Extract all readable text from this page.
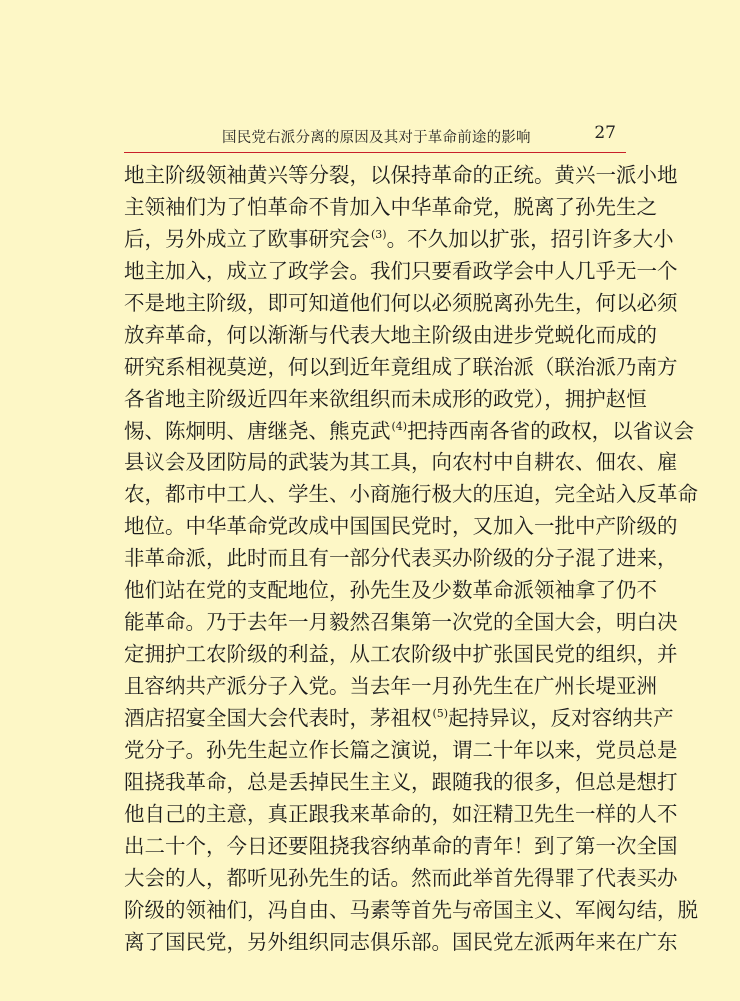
国民党右派分离的原因及其对于革命前途的影响	27
地主阶级领袖黄兴等分裂，以保持革命的正统。黄兴一派小地
主领袖们为了怕革命不肯加入中华革命党，脱离了孙先生之
后，另外成立了欧事研究会$^{(3)}$。不久加以扩张，招引许多大小
地主加入，成立了政学会。我们只要看政学会中人几乎无一个
不是地主阶级，即可知道他们何以必须脱离孙先生，何以必须
放弃革命，何以渐渐与代表大地主阶级由进步党蜕化而成的
研究系相视莫逆，何以到近年竟组成了联治派（联治派乃南方
各省地主阶级近四年来欲组织而未成形的政党），拥护赵恒
惕、陈炯明、唐继尧、熊克武$^{(4)}$把持西南各省的政权，以省议会
县议会及团防局的武装为其工具，向农村中自耕农、佃农、雇
农，都市中工人、学生、小商施行极大的压迫，完全站入反革命
地位。中华革命党改成中国国民党时，又加入一批中产阶级的
非革命派，此时而且有一部分代表买办阶级的分子混了进来，
他们站在党的支配地位，孙先生及少数革命派领袖拿了仍不
能革命。乃于去年一月毅然召集第一次党的全国大会，明白决
定拥护工农阶级的利益，从工农阶级中扩张国民党的组织，并
且容纳共产派分子入党。当去年一月孙先生在广州长堤亚洲
酒店招宴全国大会代表时，茅祖权$^{(5)}$起持异议，反对容纳共产
党分子。孙先生起立作长篇之演说，谓二十年以来，党员总是
阻挠我革命，总是丢掉民生主义，跟随我的很多，但总是想打
他自己的主意，真正跟我来革命的，如汪精卫先生一样的人不
出二十个，今日还要阻挠我容纳革命的青年！到了第一次全国
大会的人，都听见孙先生的话。然而此举首先得罪了代表买办
阶级的领袖们，冯自由、马素等首先与帝国主义、军阀勾结，脱
离了国民党，另外组织同志俱乐部。国民党左派两年来在广东
